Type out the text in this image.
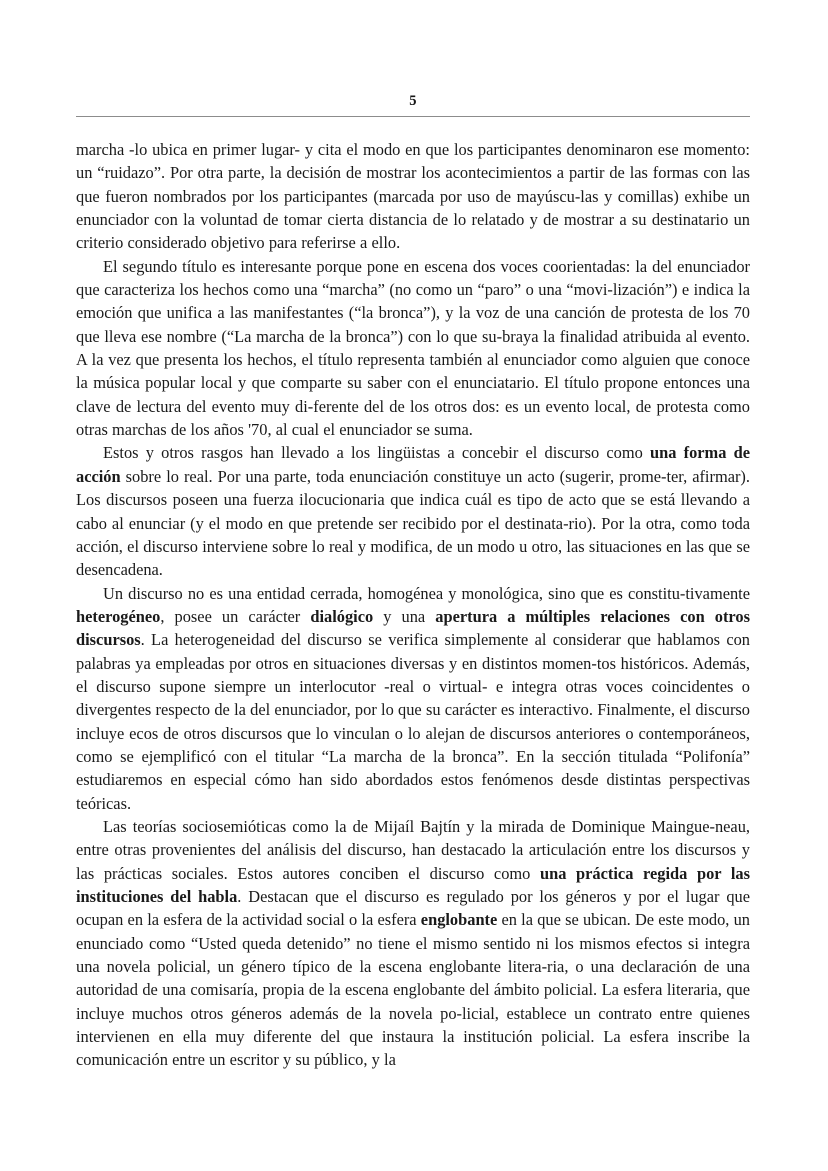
5

marcha -lo ubica en primer lugar- y cita el modo en que los participantes denominaron ese momento: un “ruidazo”. Por otra parte, la decisión de mostrar los acontecimientos a partir de las formas con las que fueron nombrados por los participantes (marcada por uso de mayúscu-las y comillas) exhibe un enunciador con la voluntad de tomar cierta distancia de lo relatado y de mostrar a su destinatario un criterio considerado objetivo para referirse a ello.

El segundo título es interesante porque pone en escena dos voces coorientadas: la del enunciador que caracteriza los hechos como una “marcha” (no como un “paro” o una “movi-lización”) e indica la emoción que unifica a las manifestantes (“la bronca”), y la voz de una canción de protesta de los 70 que lleva ese nombre (“La marcha de la bronca”) con lo que su-braya la finalidad atribuida al evento. A la vez que presenta los hechos, el título representa también al enunciador como alguien que conoce la música popular local y que comparte su saber con el enunciatario. El título propone entonces una clave de lectura del evento muy di-ferente del de los otros dos: es un evento local, de protesta como otras marchas de los años '70, al cual el enunciador se suma.

Estos y otros rasgos han llevado a los lingüistas a concebir el discurso como una forma de acción sobre lo real. Por una parte, toda enunciación constituye un acto (sugerir, prome-ter, afirmar). Los discursos poseen una fuerza ilocucionaria que indica cuál es tipo de acto que se está llevando a cabo al enunciar (y el modo en que pretende ser recibido por el destinata-rio). Por la otra, como toda acción, el discurso interviene sobre lo real y modifica, de un modo u otro, las situaciones en las que se desencadena.

Un discurso no es una entidad cerrada, homogénea y monológica, sino que es constitu-tivamente heterogéneo, posee un carácter dialógico y una apertura a múltiples relaciones con otros discursos. La heterogeneidad del discurso se verifica simplemente al considerar que hablamos con palabras ya empleadas por otros en situaciones diversas y en distintos momen-tos históricos. Además, el discurso supone siempre un interlocutor -real o virtual- e integra otras voces coincidentes o divergentes respecto de la del enunciador, por lo que su carácter es interactivo. Finalmente, el discurso incluye ecos de otros discursos que lo vinculan o lo alejan de discursos anteriores o contemporáneos, como se ejemplificó con el titular “La marcha de la bronca”. En la sección titulada “Polifonía” estudiaremos en especial cómo han sido abordados estos fenómenos desde distintas perspectivas teóricas.

Las teorías sociosemióticas como la de Mijaíl Bajtín y la mirada de Dominique Maingue-neau, entre otras provenientes del análisis del discurso, han destacado la articulación entre los discursos y las prácticas sociales. Estos autores conciben el discurso como una práctica regida por las instituciones del habla. Destacan que el discurso es regulado por los géneros y por el lugar que ocupan en la esfera de la actividad social o la esfera englobante en la que se ubican. De este modo, un enunciado como “Usted queda detenido” no tiene el mismo sentido ni los mismos efectos si integra una novela policial, un género típico de la escena englobante litera-ria, o una declaración de una autoridad de una comisaría, propia de la escena englobante del ámbito policial. La esfera literaria, que incluye muchos otros géneros además de la novela po-licial, establece un contrato entre quienes intervienen en ella muy diferente del que instaura la institución policial. La esfera inscribe la comunicación entre un escritor y su público, y la
